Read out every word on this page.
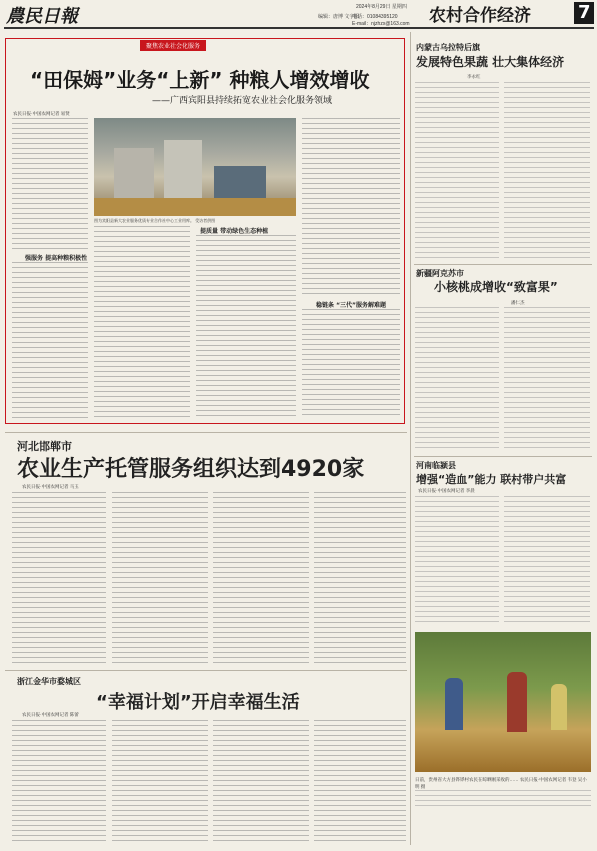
農民日報	2024年8月29日 星期四
编辑：唐博 文宇阳
电话：01084395120
E-mail：njzhzx@163.com 农村合作经济	7
聚焦农业社会化服务
“田保姆”业务“上新” 种粮人增效增收
——广西宾阳县持续拓宽农业社会化服务领域
农民日报·中国农网记者 易贤
强服务 提高种粮积极性
图为宾阳县新大农业服务优质专业合作社中心工业用库。 受访者供图
提质量 带动绿色生态种植
稳链条 “三代”服务解难题
内蒙古乌拉特后旗
发展特色果蔬 壮大集体经济
李永红
新疆阿克苏市
小核桃成增收“致富果”
潘仁杰
河南临颍县
增强“造血”能力 联村带户共富
农民日报·中国农网记者 李晨
日前，贵州省大方县铧铧村农民在晾晒刚采收的…… 农民日报·中国农网记者 韦登 吴小明 摄
河北邯郸市
农业生产托管服务组织达到4920家
农民日报·中国农网记者 马玉
浙江金华市婺城区
“幸福计划”开启幸福生活
农民日报·中国农网记者 陈蕾
